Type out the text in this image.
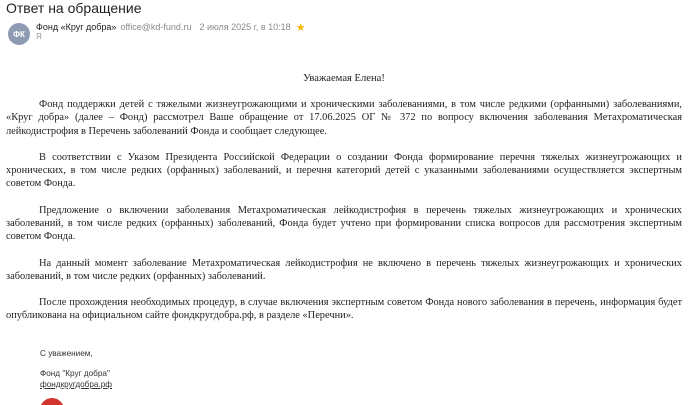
Ответ на обращение
ФК
Фонд «Круг добра» office@kd-fund.ru 2 июля 2025 г, в 10:18 ★
Я
Уважаемая Елена!

Фонд поддержки детей с тяжелыми жизнеугрожающими и хроническими заболеваниями, в том числе редкими (орфанными) заболеваниями, «Круг добра» (далее – Фонд) рассмотрел Ваше обращение от 17.06.2025 ОГ № 372 по вопросу включения заболевания Метахроматическая лейкодистрофия в Перечень заболеваний Фонда и сообщает следующее.

В соответствии с Указом Президента Российской Федерации о создании Фонда формирование перечня тяжелых жизнеугрожающих и хронических, в том числе редких (орфанных) заболеваний, и перечня категорий детей с указанными заболеваниями осуществляется экспертным советом Фонда.

Предложение о включении заболевания Метахроматическая лейкодистрофия в перечень тяжелых жизнеугрожающих и хронических заболеваний, в том числе редких (орфанных) заболеваний, Фонда будет учтено при формировании списка вопросов для рассмотрения экспертным советом Фонда.

На данный момент заболевание Метахроматическая лейкодистрофия не включено в перечень тяжелых жизнеугрожающих и хронических заболеваний, в том числе редких (орфанных) заболеваний.

После прохождения необходимых процедур, в случае включения экспертным советом Фонда нового заболевания в перечень, информация будет опубликована на официальном сайте фондкругдобра.рф, в разделе «Перечни».

С уважением,
Фонд "Круг добра"
фондкругдобра.рф
